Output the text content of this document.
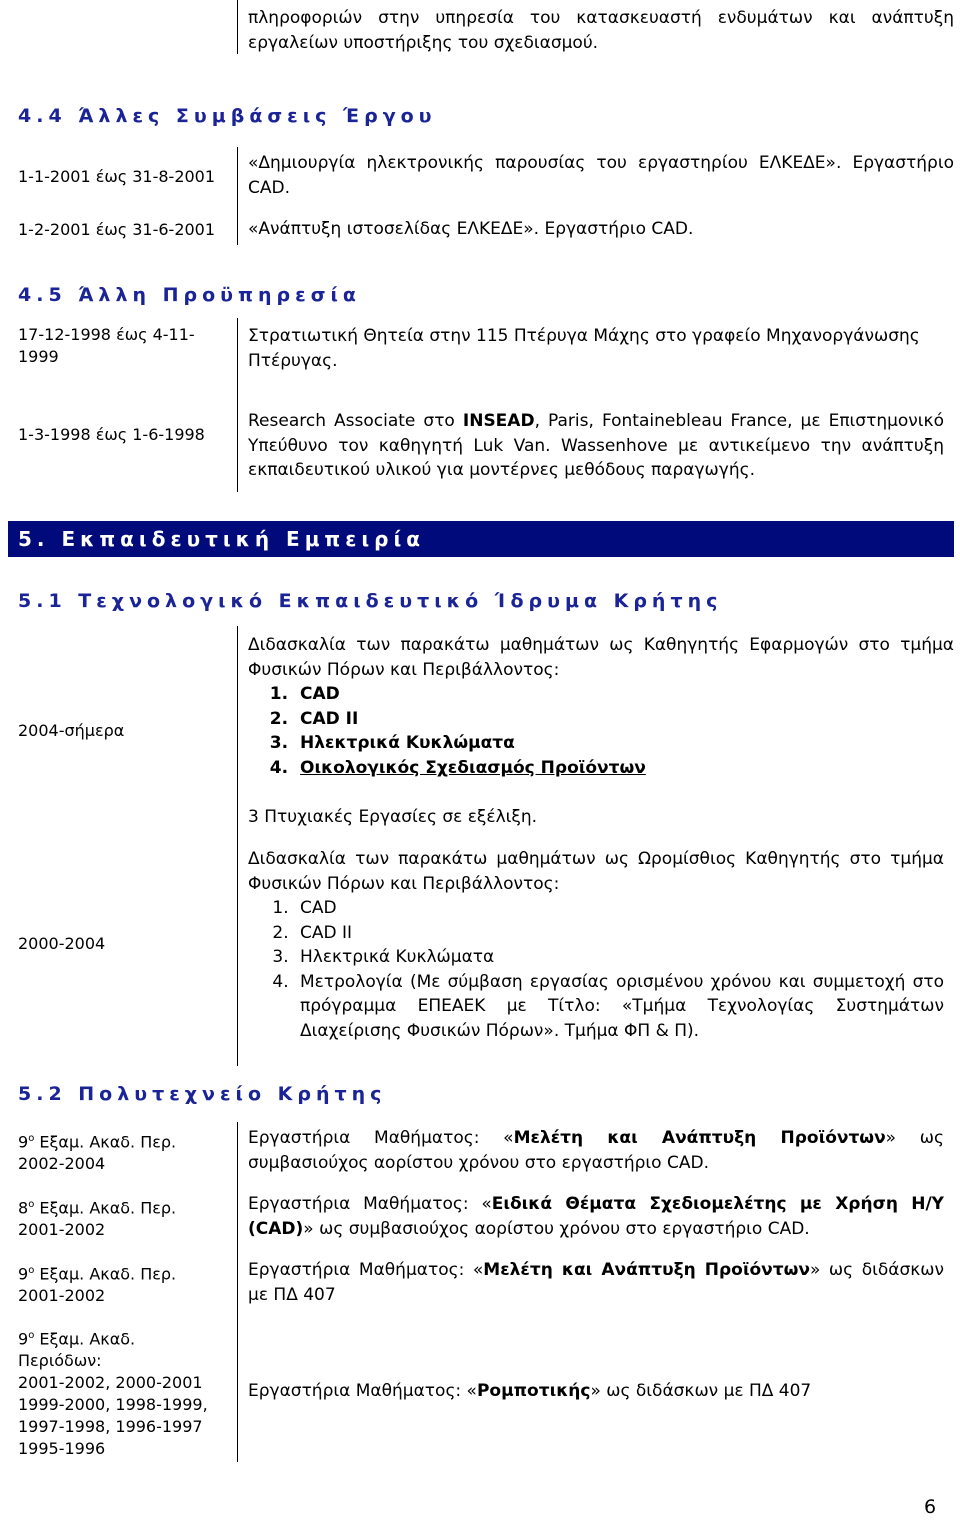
πληροφοριών στην υπηρεσία του κατασκευαστή ενδυμάτων και ανάπτυξη εργαλείων υποστήριξης του σχεδιασμού.
4.4 Άλλες Συμβάσεις Έργου
1-1-2001 έως 31-8-2001
«Δημιουργία ηλεκτρονικής παρουσίας του εργαστηρίου ΕΛΚΕΔΕ». Εργαστήριο CAD.
1-2-2001 έως 31-6-2001 «Ανάπτυξη ιστοσελίδας ΕΛΚΕΔΕ». Εργαστήριο CAD.
4.5 Άλλη Προϋπηρεσία
17-12-1998 έως 4-11-1999
Στρατιωτική Θητεία στην 115 Πτέρυγα Μάχης στο γραφείο Μηχανοργάνωσης Πτέρυγας.
1-3-1998 έως 1-6-1998
Research Associate στο INSEAD, Paris, Fontainebleau France, με Επιστημονικό Υπεύθυνο τον καθηγητή Luk Van. Wassenhove με αντικείμενο την ανάπτυξη εκπαιδευτικού υλικού για μοντέρνες μεθόδους παραγωγής.
5. Εκπαιδευτική Εμπειρία
5.1 Τεχνολογικό Εκπαιδευτικό Ίδρυμα Κρήτης
2004-σήμερα
Διδασκαλία των παρακάτω μαθημάτων ως Καθηγητής Εφαρμογών στο τμήμα Φυσικών Πόρων και Περιβάλλοντος:
1. CAD
2. CAD II
3. Ηλεκτρικά Κυκλώματα
4. Οικολογικός Σχεδιασμός Προϊόντων
3 Πτυχιακές Εργασίες σε εξέλιξη.
2000-2004
Διδασκαλία των παρακάτω μαθημάτων ως Ωρομίσθιος Καθηγητής στο τμήμα Φυσικών Πόρων και Περιβάλλοντος:
1. CAD
2. CAD II
3. Ηλεκτρικά Κυκλώματα
4. Μετρολογία (Με σύμβαση εργασίας ορισμένου χρόνου και συμμετοχή στο πρόγραμμα ΕΠΕΑΕΚ με Τίτλο: «Τμήμα Τεχνολογίας Συστημάτων Διαχείρισης Φυσικών Πόρων». Τμήμα ΦΠ & Π).
5.2 Πολυτεχνείο Κρήτης
$9^o$ Εξαμ. Ακαδ. Περ.
2002-2004
Εργαστήρια Μαθήματος: «Μελέτη και Ανάπτυξη Προϊόντων» ως συμβασιούχος αορίστου χρόνου στο εργαστήριο CAD.
$8^o$ Εξαμ. Ακαδ. Περ.
2001-2002
Εργαστήρια Μαθήματος: «Ειδικά Θέματα Σχεδιομελέτης με Χρήση Η/Υ (CAD)» ως συμβασιούχος αορίστου χρόνου στο εργαστήριο CAD.
$9^o$ Εξαμ. Ακαδ. Περ.
2001-2002
Εργαστήρια Μαθήματος: «Μελέτη και Ανάπτυξη Προϊόντων» ως διδάσκων με ΠΔ 407
$9^o$ Εξαμ. Ακαδ.
Περιόδων:
2001-2002, 2000-2001
1999-2000, 1998-1999,
1997-1998, 1996-1997
1995-1996
Εργαστήρια Μαθήματος: «Ρομποτικής» ως διδάσκων με ΠΔ 407
6
